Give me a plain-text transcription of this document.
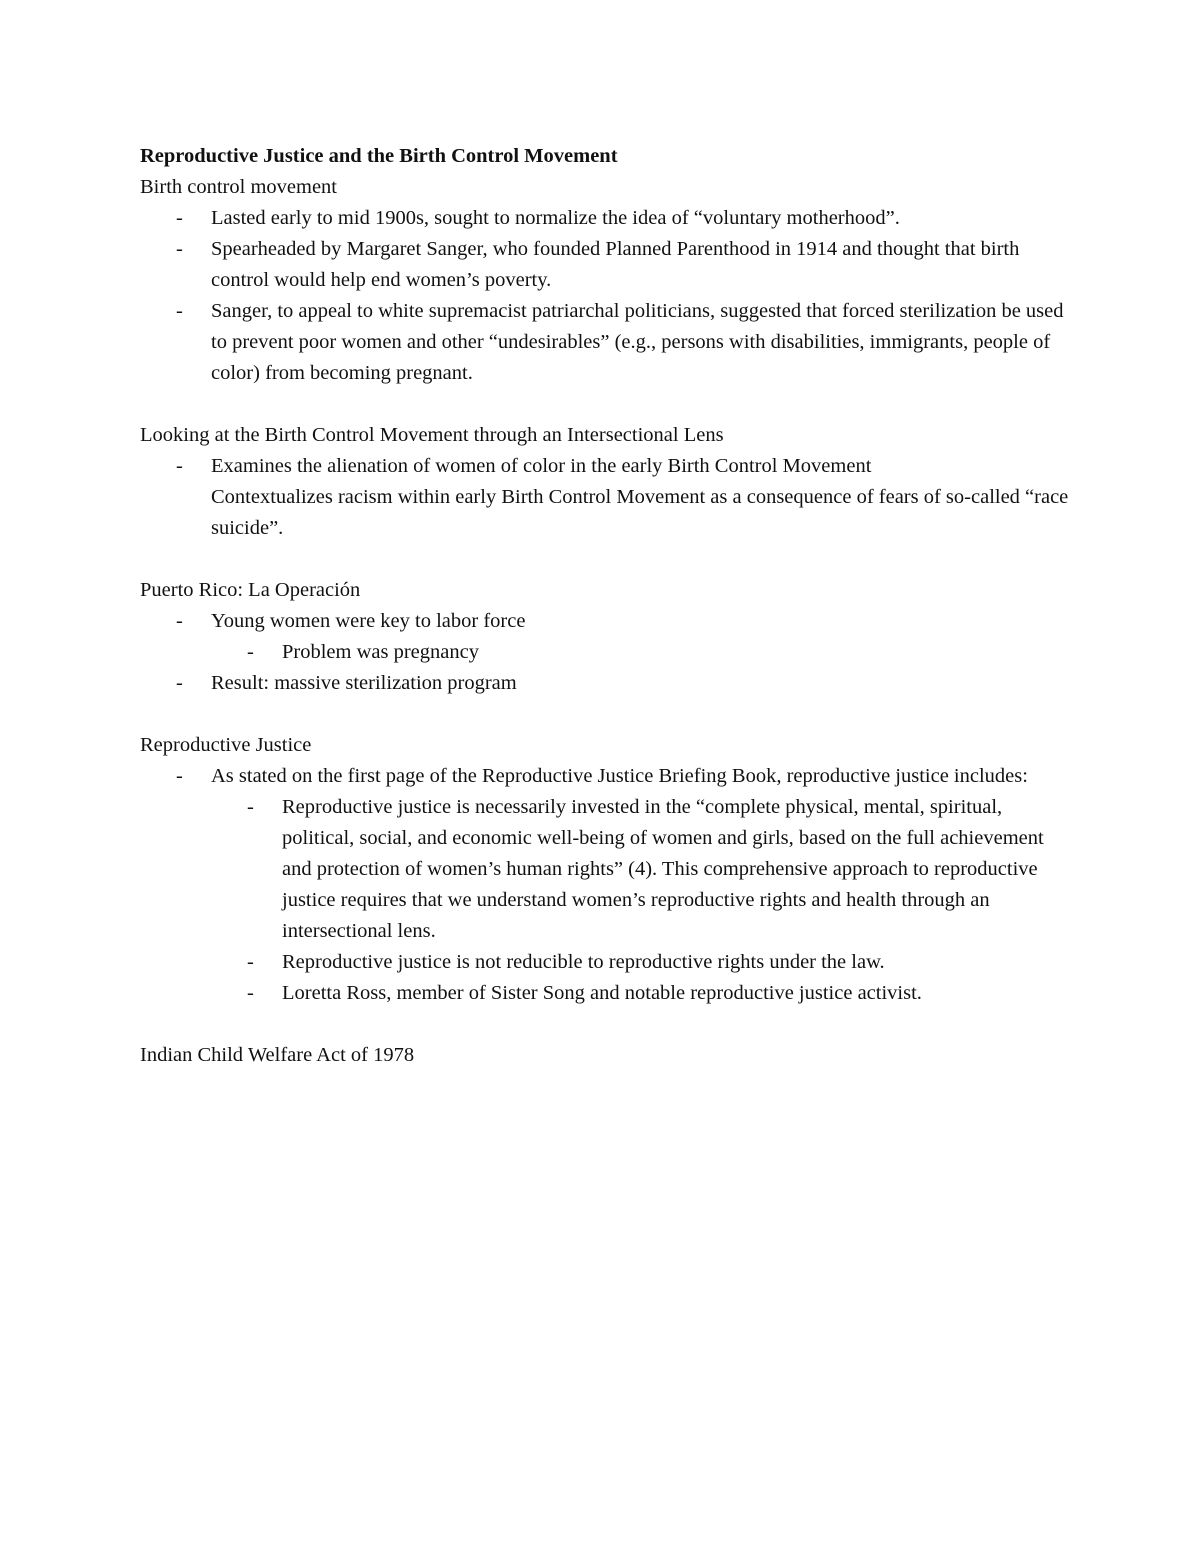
Reproductive Justice and the Birth Control Movement
Birth control movement
- Lasted early to mid 1900s, sought to normalize the idea of “voluntary motherhood”.
- Spearheaded by Margaret Sanger, who founded Planned Parenthood in 1914 and thought that birth control would help end women’s poverty.
- Sanger, to appeal to white supremacist patriarchal politicians, suggested that forced sterilization be used to prevent poor women and other “undesirables” (e.g., persons with disabilities, immigrants, people of color) from becoming pregnant.
Looking at the Birth Control Movement through an Intersectional Lens
- Examines the alienation of women of color in the early Birth Control Movement
Contextualizes racism within early Birth Control Movement as a consequence of fears of so-called “race suicide”.
Puerto Rico: La Operación
- Young women were key to labor force
- Problem was pregnancy
- Result: massive sterilization program
Reproductive Justice
- As stated on the first page of the Reproductive Justice Briefing Book, reproductive justice includes:
- Reproductive justice is necessarily invested in the “complete physical, mental, spiritual, political, social, and economic well-being of women and girls, based on the full achievement and protection of women’s human rights” (4). This comprehensive approach to reproductive justice requires that we understand women’s reproductive rights and health through an intersectional lens.
- Reproductive justice is not reducible to reproductive rights under the law.
- Loretta Ross, member of Sister Song and notable reproductive justice activist.
Indian Child Welfare Act of 1978
